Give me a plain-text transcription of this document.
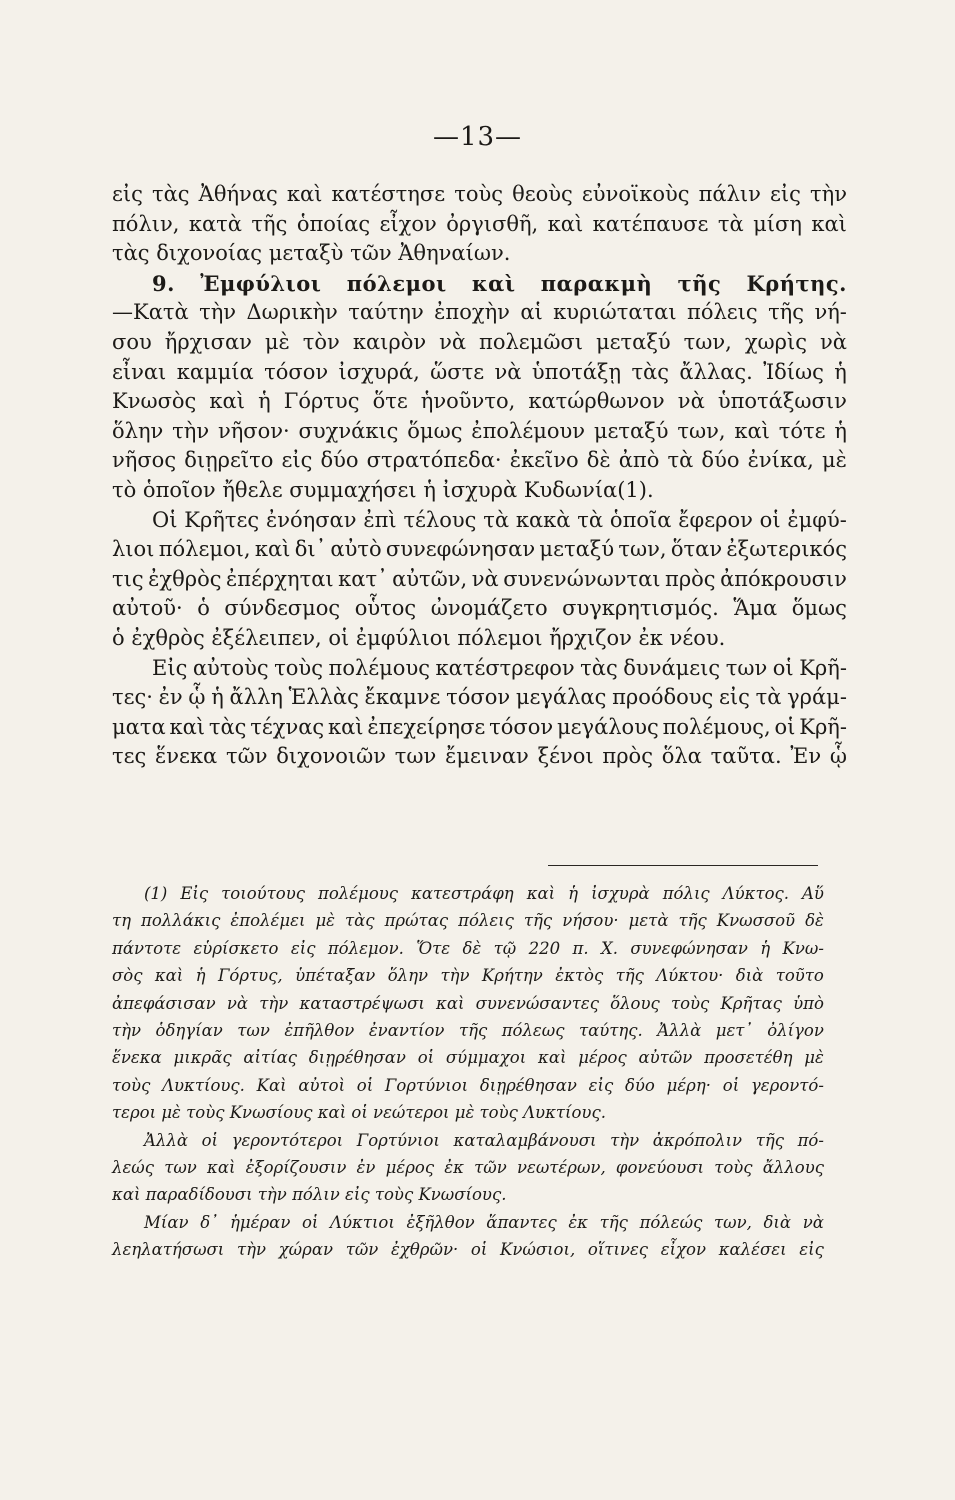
—13—
εἰς τὰς Ἀθήνας καὶ κατέστησε τοὺς θεοὺς εὐνοϊκοὺς πάλιν εἰς τὴν
πόλιν, κατὰ τῆς ὁποίας εἶχον ὀργισθῆ, καὶ κατέπαυσε τὰ μίση καὶ
τὰς διχονοίας μεταξὺ τῶν Ἀθηναίων.
9. Ἐμφύλιοι πόλεμοι καὶ παρακμὴ τῆς Κρήτης.
—Κατὰ τὴν Δωρικὴν ταύτην ἐποχὴν αἱ κυριώταται πόλεις τῆς νή-
σου ἤρχισαν μὲ τὸν καιρὸν νὰ πολεμῶσι μεταξύ των, χωρὶς νὰ
εἶναι καμμία τόσον ἰσχυρά, ὥστε νὰ ὑποτάξῃ τὰς ἄλλας. Ἰδίως ἡ
Κνωσὸς καὶ ἡ Γόρτυς ὅτε ἡνοῦντο, κατώρθωνον νὰ ὑποτάξωσιν
ὅλην τὴν νῆσον· συχνάκις ὅμως ἐπολέμουν μεταξύ των, καὶ τότε ἡ
νῆσος διῃρεῖτο εἰς δύο στρατόπεδα· ἐκεῖνο δὲ ἀπὸ τὰ δύο ἐνίκα, μὲ
τὸ ὁποῖον ἤθελε συμμαχήσει ἡ ἰσχυρὰ Κυδωνία(1).
Οἱ Κρῆτες ἐνόησαν ἐπὶ τέλους τὰ κακὰ τὰ ὁποῖα ἔφερον οἱ ἐμφύ-
λιοι πόλεμοι, καὶ δι᾽ αὐτὸ συνεφώνησαν μεταξύ των, ὅταν ἐξωτερικός
τις ἐχθρὸς ἐπέρχηται κατ᾽ αὐτῶν, νὰ συνενώνωνται πρὸς ἀπόκρουσιν
αὐτοῦ· ὁ σύνδεσμος οὗτος ὠνομάζετο συγκρητισμός. Ἅμα ὅμως
ὁ ἐχθρὸς ἐξέλειπεν, οἱ ἐμφύλιοι πόλεμοι ἤρχιζον ἐκ νέου.
Εἰς αὐτοὺς τοὺς πολέμους κατέστρεφον τὰς δυνάμεις των οἱ Κρῆ-
τες· ἐν ᾧ ἡ ἄλλη Ἑλλὰς ἔκαμνε τόσον μεγάλας προόδους εἰς τὰ γράμ-
ματα καὶ τὰς τέχνας καὶ ἐπεχείρησε τόσον μεγάλους πολέμους, οἱ Κρῆ-
τες ἕνεκα τῶν διχονοιῶν των ἔμειναν ξένοι πρὸς ὅλα ταῦτα. Ἐν ᾧ
(1) Εἰς τοιούτους πολέμους κατεστράφη καὶ ἡ ἰσχυρὰ πόλις Λύκτος. Αὕ
τη πολλάκις ἐπολέμει μὲ τὰς πρώτας πόλεις τῆς νήσου· μετὰ τῆς Κνωσσοῦ δὲ
πάντοτε εὑρίσκετο εἰς πόλεμον. Ὅτε δὲ τῷ 220 π. Χ. συνεφώνησαν ἡ Κνω-
σὸς καὶ ἡ Γόρτυς, ὑπέταξαν ὅλην τὴν Κρήτην ἐκτὸς τῆς Λύκτου· διὰ τοῦτο
ἀπεφάσισαν νὰ τὴν καταστρέψωσι καὶ συνενώσαντες ὅλους τοὺς Κρῆτας ὑπὸ
τὴν ὁδηγίαν των ἐπῆλθον ἐναντίον τῆς πόλεως ταύτης. Ἀλλὰ μετ᾽ ὀλίγον
ἕνεκα μικρᾶς αἰτίας διῃρέθησαν οἱ σύμμαχοι καὶ μέρος αὐτῶν προσετέθη μὲ
τοὺς Λυκτίους. Καὶ αὐτοὶ οἱ Γορτύνιοι διῃρέθησαν εἰς δύο μέρη· οἱ γεροντό-
τεροι μὲ τοὺς Κνωσίους καὶ οἱ νεώτεροι μὲ τοὺς Λυκτίους.
Ἀλλὰ οἱ γεροντότεροι Γορτύνιοι καταλαμβάνουσι τὴν ἀκρόπολιν τῆς πό-
λεώς των καὶ ἐξορίζουσιν ἐν μέρος ἐκ τῶν νεωτέρων, φονεύουσι τοὺς ἄλλους
καὶ παραδίδουσι τὴν πόλιν εἰς τοὺς Κνωσίους.
Μίαν δ᾽ ἡμέραν οἱ Λύκτιοι ἐξῆλθον ἅπαντες ἐκ τῆς πόλεώς των, διὰ νὰ
λεηλατήσωσι τὴν χώραν τῶν ἐχθρῶν· οἱ Κνώσιοι, οἵτινες εἶχον καλέσει εἰς
